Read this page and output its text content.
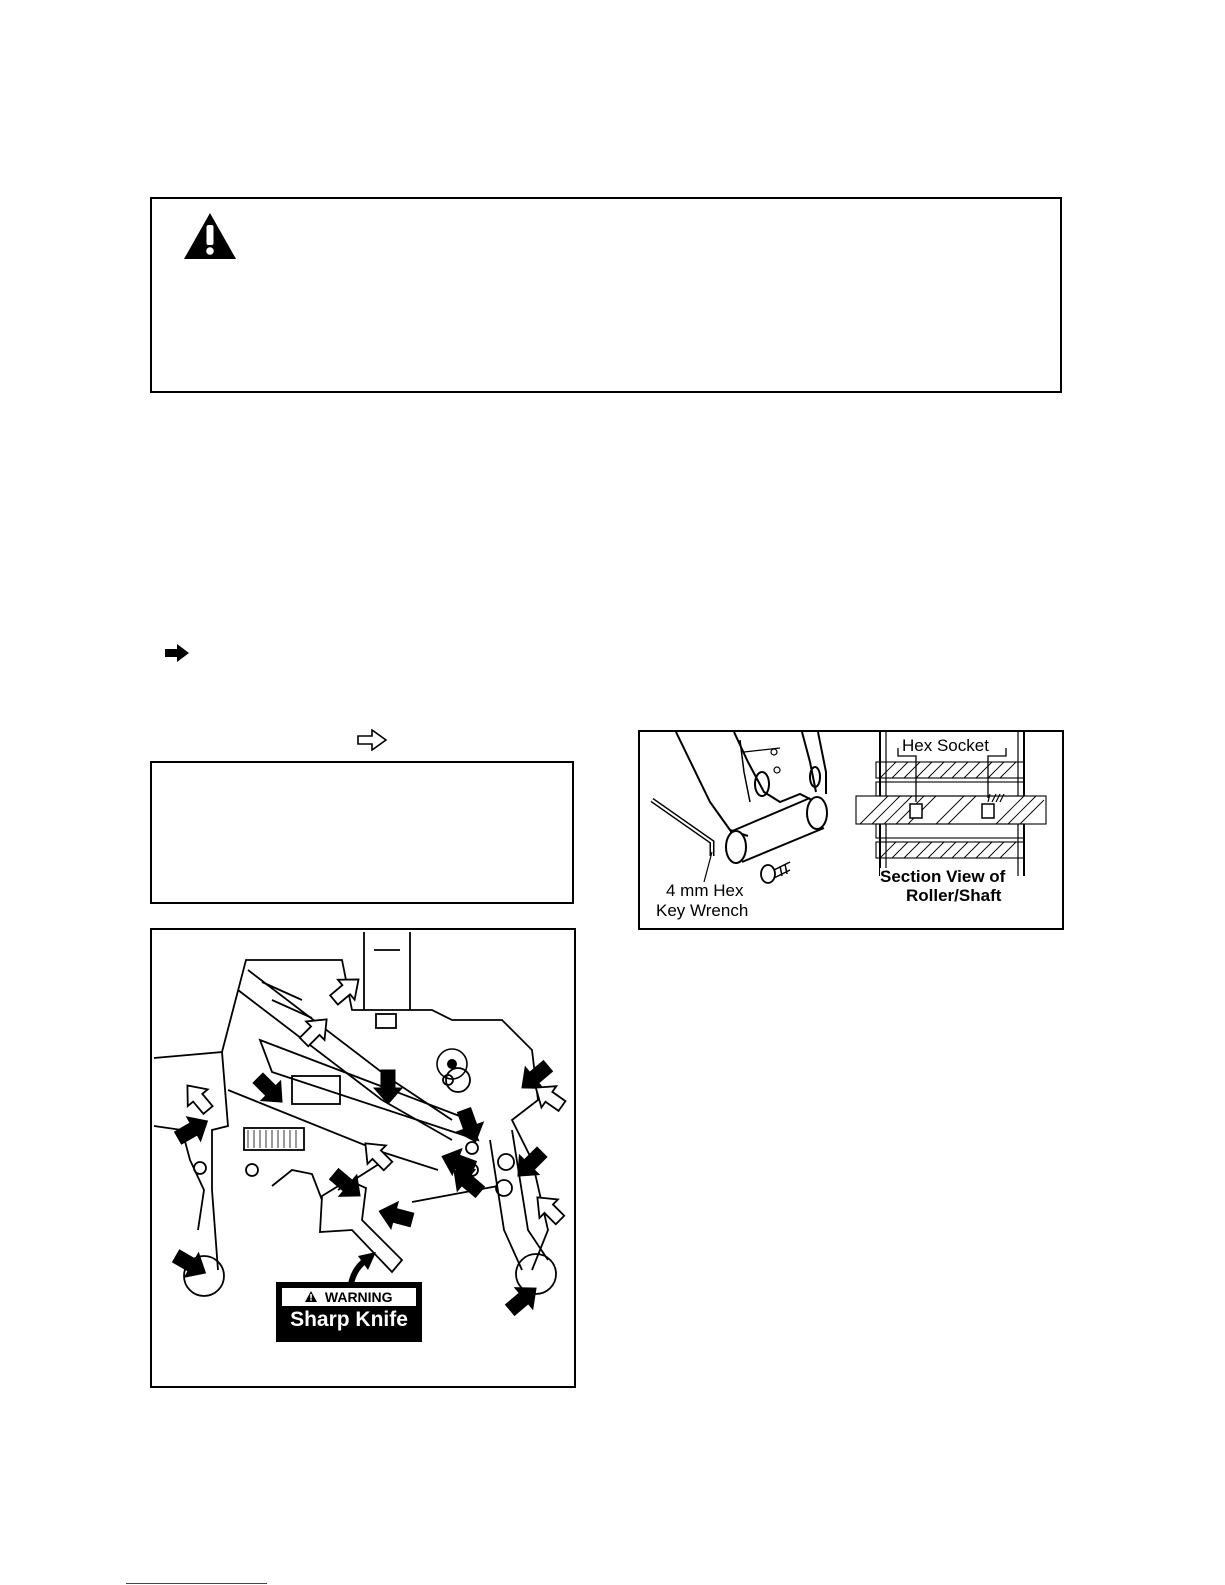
Hex Socket
4 mm Hex
Key Wrench
Section View of
Roller/Shaft
WARNING
Sharp Knife
